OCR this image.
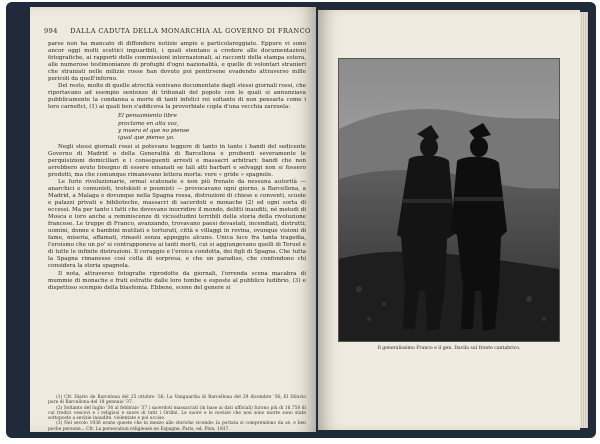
994 DALLA CADUTA DELLA MONARCHIA AL GOVERNO DI FRANCO

parse non ha mancato di diffondere notizie ampie e particolareggiate. Eppure vi sono ancor oggi molti scettici inguaribili, i quali stentano a credere alle documentazioni fotografiche, ai rapporti delle commissioni internazionali, ai racconti della stampa estera, alle numerose testimonianze di profughi d'ogni nazionalità, e quelle di volontari stranieri che straniati nelle milizie rosse han dovuto poi pentirsene evadendo attraverso mille pericoli da quell'inferno.

Del resto, molte di quelle atrocità venivano documentate dagli stessi giornali rossi, che riportavano ad esempio sentenze di tribunali del popolo con le quali si annunziava pubblicamente la condanna a morte di tanti infelici rei soltanto di non pensarla come i loro carnefici, (1) ai quali ben s'addiceva la proverbiale copla d'una vecchia zarzuela:

El pensamiento libre
proclamo en alta voz,
y muera el que no piense
igual que pienso yo.

Negli stessi giornali rossi si potevano leggere di tanto in tanto i bandi del sedicente Governo di Madrid o della Generalità di Barcellona e proibenti severamente le perquisizioni domiciliari e i conseguenti arresti e massacri arbitrari: bandi che non avrebbero avuto bisogno di essere emanati se tali atti barbari e selvaggi non si fossero prodotti, ma che comunque rimanevano lettera morta: vere « gride » spagnole.

Le furie rivoluzionarie, ormai scatenate e non più frenate da nessuna autorità — anarchici e comunisti, trotskisti e poumisti — provocavano ogni giorno, a Barcellona, a Madrid, a Malaga e dovunque nella Spagna rossa, distruzioni di chiese e conventi, scuole e palazzi privati e biblioteche, massacri di sacerdoti e monache (2) ed ogni sorta di eccessi. Ma per tanto i fatti che dovevano inorridire il mondo, delitti inauditi, né metodi di Mosca e loro anche a reminiscenze di vicissitudini terribili della storia della rivoluzione francese. Le truppe di Franco, avanzando, trovavano paesi devastati, incendiati, distrutti; uomini, donne e bambini mutilati e torturati, città e villaggi in rovina, ovunque visioni di fame, miseria, affamati, rimasti senza appoggio alcuno. Unica luce fra tanta tragedia, l'eroismo che un po' si contrapponeva ai tanti morti, cui si aggiungevano quelli di Teruel e di tutte le infinite distruzioni. Il coraggio e l'eroica condotta, dei figli di Spagna. Che tutta la Spagna rimanesse così colta di sorpresa, e che un paradiso, che confondono chi considera la storia spagnola.

Il nota, attraverso fotografie riprodotte da giornali, l'orrenda scena macabra di mummie di monache e frati estratte dalle loro tombe e esposte al pubblico ludibrio, (3) e dispettoso scempio della blasfemia. Ebbene, scene del genere si

(1) Cfr. Diario de Barcelona del 25 ottobre '36; La Vanguardia di Barcellona del 29 dicembre '36; El Diluvio pure di Barcellona del 18 gennaio '37.

(2) Soltanto del luglio '36 al febbraio '37 i sacerdoti massacrati (in base ai dati ufficiali) furono più di 16.750 di cui tredici vescovi e i religiosi e suore di tutti i Ordini. Le suore e le novizie che non sono morte sono state sottoposte a sevizie inaudite, violentate e poi uccise.

(3) Nel secolo 1936 erano queste che in mezzo alle storiche vicende: la portata si comprendono da sé, e ben poche persone... Cfr. La persecution religieuse en Espagne, Paris, ed. Plon, 1937.

Il generalissimo Franco e il gen. Davila sul fronte cantabrico.
